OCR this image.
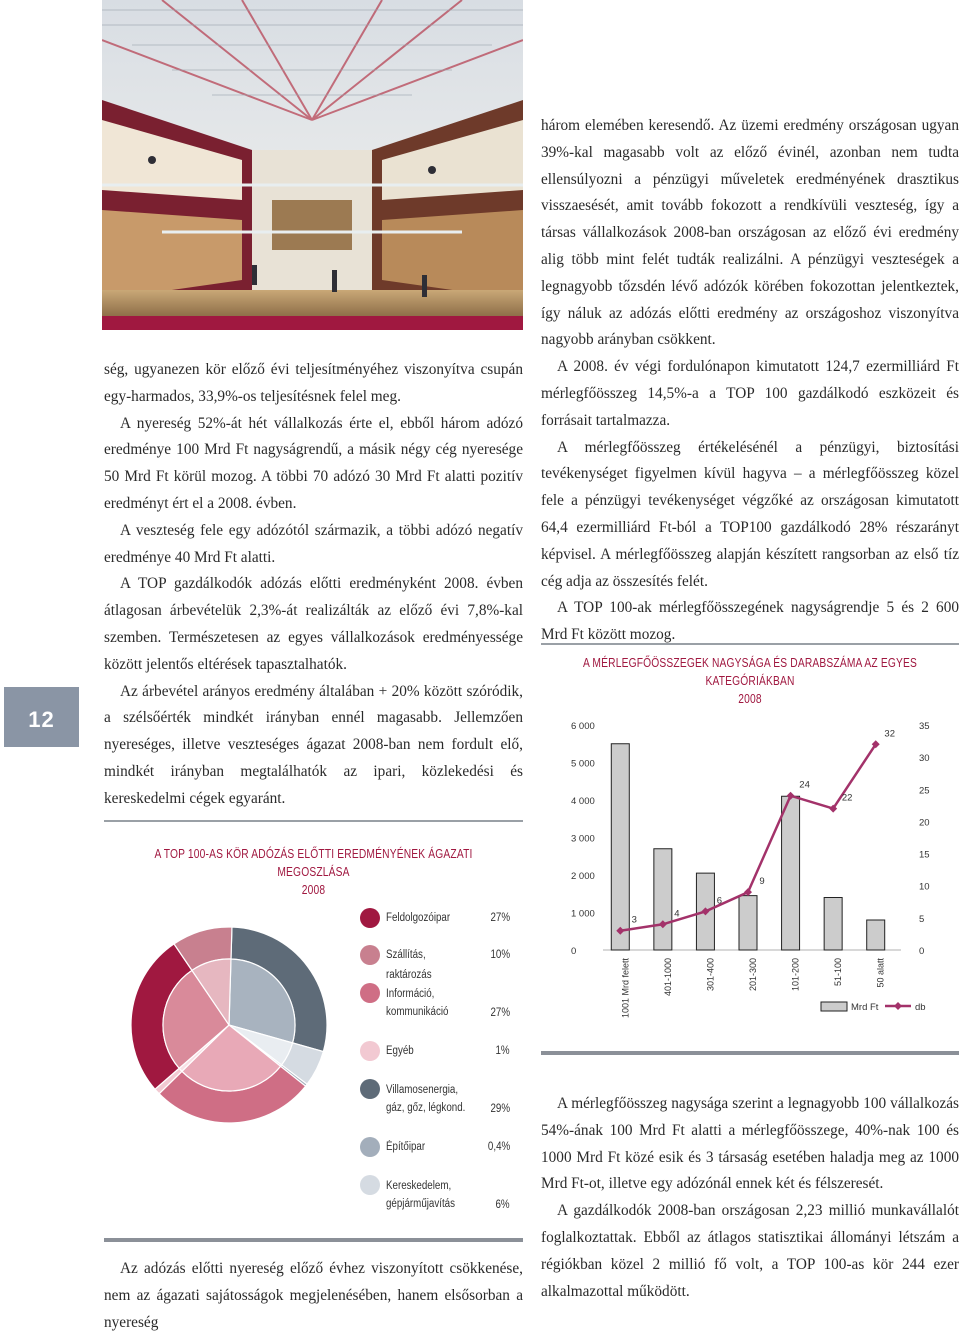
12

ség, ugyanezen kör előző évi teljesítményéhez viszonyítva csupán egy-harmados, 33,9%-os teljesítésnek felel meg.

A nyereség 52%-át hét vállalkozás érte el, ebből három adózó eredménye 100 Mrd Ft nagyságrendű, a másik négy cég nyeresége 50 Mrd Ft körül mozog. A többi 70 adózó 30 Mrd Ft alatti pozitív eredményt ért el a 2008. évben.

A veszteség fele egy adózótól származik, a többi adózó negatív eredménye 40 Mrd Ft alatti.

A TOP gazdálkodók adózás előtti eredményként 2008. évben átlagosan árbevételük 2,3%-át realizálták az előző évi 7,8%-kal szemben. Természetesen az egyes vállalkozások eredményessége között jelentős eltérések tapasztalhatók.

Az árbevétel arányos eredmény általában + 20% között szóródik, a szélsőérték mindkét irányban ennél magasabb. Jellemzően nyereséges, illetve veszteséges ágazat 2008-ban nem fordult elő, mindkét irányban megtalálhatók az ipari, közlekedési és kereskedelmi cégek egyaránt.

három elemében keresendő. Az üzemi eredmény országosan ugyan 39%-kal magasabb volt az előző évinél, azonban nem tudta ellensúlyozni a pénzügyi műveletek eredményének drasztikus visszaesését, amit tovább fokozott a rendkívüli veszteség, így a társas vállalkozások 2008-ban országosan az előző évi eredmény alig több mint felét tudták realizálni. A pénzügyi veszteségek a legnagyobb tőzsdén lévő adózók körében fokozottan jelentkeztek, így náluk az adózás előtti eredmény az országoshoz viszonyítva nagyobb arányban csökkent.

A 2008. év végi fordulónapon kimutatott 124,7 ezermilliárd Ft mérlegfőösszeg 14,5%-a a TOP 100 gazdálkodó eszközeit és forrásait tartalmazza.

A mérlegfőösszeg értékelésénél a pénzügyi, biztosítási tevékenységet figyelmen kívül hagyva – a mérlegfőösszeg közel fele a pénzügyi tevékenységet végzőké az országosan kimutatott 64,4 ezermilliárd Ft-ból a TOP100 gazdálkodó 28% részarányt képvisel. A mérlegfőösszeg alapján készített rangsorban az első tíz cég adja az összesítés felét.

A TOP 100-ak mérlegfőösszegének nagyságrendje 5 és 2 600 Mrd Ft között mozog.

A TOP 100-AS KÖR ADÓZÁS ELŐTTI EREDMÉNYÉNEK ÁGAZATI MEGOSZLÁSA
2008
Feldolgozóipar	27%
Szállítás, raktározás
10%
Információ, kommunikáció	27%
Egyéb	1%
Villamosenergia, gáz, gőz, légkond. 29%
Építőipar	0,4%
Kereskedelem, gépjárműjavítás	6%
A MÉRLEGFŐÖSSZEGEK NAGYSÁGA ÉS DARABSZÁMA AZ EGYES KATEGÓRIÁKBAN
2008
0
1 000
2 000
3 000
4 000
5 000
6 000
0
5
10
15
20
25
30
35
1001 Mrd felett	401-1000	301-400	201-300	101-200	51-100	50 alatt
3
4
6
9
24
22
32
Mrd Ft	db

A mérlegfőösszeg nagysága szerint a legnagyobb 100 vállalkozás 54%-ának 100 Mrd Ft alatti a mérlegfőösszege, 40%-nak 100 és 1000 Mrd Ft közé esik és 3 társaság esetében haladja meg az 1000 Mrd Ft-ot, illetve egy adózónál ennek két és félszeresét.

A gazdálkodók 2008-ban országosan 2,23 millió munkavállalót foglalkoztattak. Ebből az átlagos statisztikai állományi létszám a régiókban közel 2 millió fő volt, a TOP 100-as kör 244 ezer alkalmazottal működött.

Az adózás előtti nyereség előző évhez viszonyított csökkenése, nem az ágazati sajátosságok megjelenésében, hanem elsősorban a nyereség
